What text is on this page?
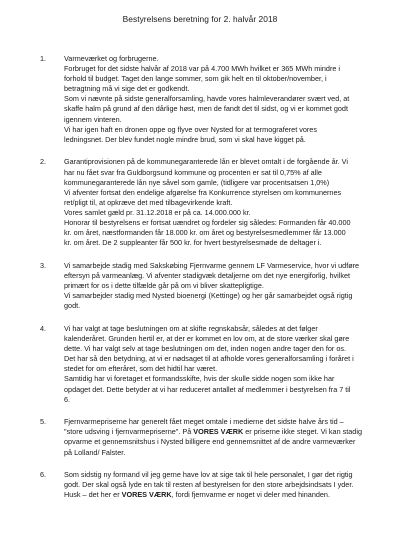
Bestyrelsens beretning for 2. halvår 2018
1. Varmeværket og forbrugerne.

Forbruget for det sidste halvår af 2018 var på 4.700 MWh hvilket er 365 MWh mindre i

forhold til budget. Taget den lange sommer, som gik helt en til oktober/november, i

betragtning må vi sige det er godkendt.

Som vi nævnte på sidste generalforsamling, havde vores halmleverandører svært ved, at

skaffe halm på grund af den dårlige høst, men de fandt det til sidst, og vi er kommet godt

igennem vinteren.

Vi har igen haft en dronen oppe og flyve over Nysted for at termograferet vores

ledningsnet. Der blev fundet nogle mindre brud, som vi skal have kigget på.

2. Garantiprovisionen på de kommunegaranterede lån er blevet omtalt i de forgående år. Vi

har nu fået svar fra Guldborgsund kommune og procenten er sat til 0,75% af alle

kommunegaranterede lån nye såvel som gamle, (tidligere var procentsatsen 1,0%)

Vi afventer fortsat den endelige afgørelse fra Konkurrence styrelsen om kommunernes

ret/pligt til, at opkræve det med tilbagevirkende kraft.

Vores samlet gæld pr. 31.12.2018 er på ca. 14.000.000 kr.

Honorar til bestyrelsens er fortsat uændret og fordeler sig således: Formanden får 40.000

kr. om året, næstformanden får 18.000 kr. om året og bestyrelsesmedlemmer får 13.000

kr. om året. De 2 suppleanter får 500 kr. for hvert bestyrelsesmøde de deltager i.

3. Vi samarbejde stadig med Sakskøbing Fjernvarme gennem LF Varmeservice, hvor vi udføre

eftersyn på varmeanlæg. Vi afventer stadigvæk detaljerne om det nye energiforlig, hvilket

primært for os i dette tilfælde går på om vi bliver skattepligtige.

Vi samarbejder stadig med Nysted bioenergi (Kettinge) og her går samarbejdet også rigtig

godt.

4. Vi har valgt at tage beslutningen om at skifte regnskabsår, således at det følger

kalenderåret. Grunden hertil er, at der er kommet en lov om, at de store værker skal gøre

dette. Vi har valgt selv at tage beslutningen om det, inden nogen andre tager den for os.

Det har så den betydning, at vi er nødsaget til at afholde vores generalforsamling i foråret i

stedet for om efteråret, som det hidtil har været.

Samtidig har vi foretaget et formandsskifte, hvis der skulle sidde nogen som ikke har

opdaget det. Dette betyder at vi har reduceret antallet af medlemmer i bestyrelsen fra 7 til

6.

5. Fjernvarmepriserne har generelt fået meget omtale i medierne det sidste halve års tid –

"store udsving i fjernvarmepriserne". På VORES VÆRK er priserne ikke steget. Vi kan stadig

opvarme et gennemsnitshus i Nysted billigere end gennemsnittet af de andre varmeværker

på Lolland/ Falster.

6. Som sidstig ny formand vil jeg gerne have lov at sige tak til hele personalet, I gør det rigtig

godt. Der skal også lyde en tak til resten af bestyrelsen for den store arbejdsindsats I yder.

Husk – det her er VORES VÆRK, fordi fjernvarme er noget vi deler med hinanden.
